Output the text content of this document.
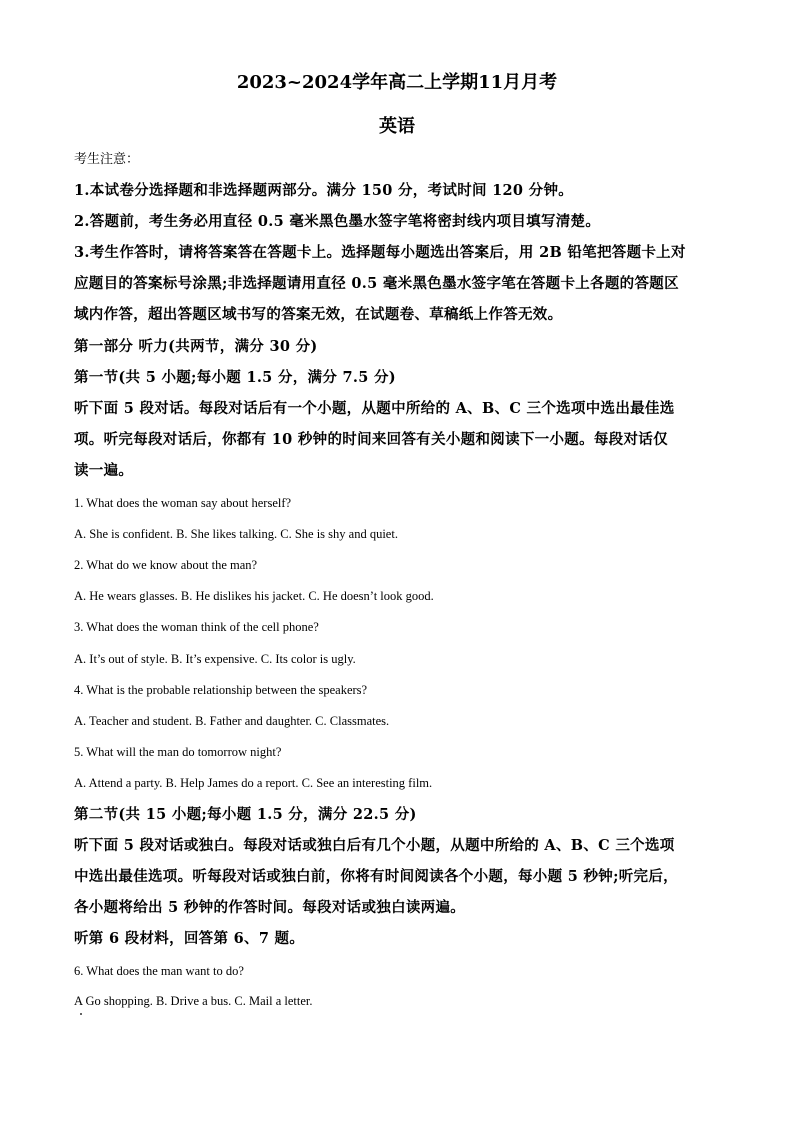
2023~2024学年高二上学期11月月考
英语
考生注意：
1.本试卷分选择题和非选择题两部分。满分 150 分，考试时间 120 分钟。
2.答题前，考生务必用直径 0.5 毫米黑色墨水签字笔将密封线内项目填写清楚。
3.考生作答时，请将答案答在答题卡上。选择题每小题选出答案后，用 2B 铅笔把答题卡上对
应题目的答案标号涂黑;非选择题请用直径 0.5 毫米黑色墨水签字笔在答题卡上各题的答题区
域内作答，超出答题区域书写的答案无效，在试题卷、草稿纸上作答无效。
第一部分 听力(共两节，满分 30 分)
第一节(共 5 小题;每小题 1.5 分，满分 7.5 分)
听下面 5 段对话。每段对话后有一个小题，从题中所给的 A、B、C 三个选项中选出最佳选
项。听完每段对话后，你都有 10 秒钟的时间来回答有关小题和阅读下一小题。每段对话仅
读一遍。
1. What does the woman say about herself?
A. She is confident. B. She likes talking. C. She is shy and quiet.
2. What do we know about the man?
A. He wears glasses. B. He dislikes his jacket. C. He doesn’t look good.
3. What does the woman think of the cell phone?
A. It’s out of style. B. It’s expensive. C. Its color is ugly.
4. What is the probable relationship between the speakers?
A. Teacher and student. B. Father and daughter. C. Classmates.
5. What will the man do tomorrow night?
A. Attend a party. B. Help James do a report. C. See an interesting film.
第二节(共 15 小题;每小题 1.5 分，满分 22.5 分)
听下面 5 段对话或独白。每段对话或独白后有几个小题，从题中所给的 A、B、C 三个选项
中选出最佳选项。听每段对话或独白前，你将有时间阅读各个小题，每小题 5 秒钟;听完后，
各小题将给出 5 秒钟的作答时间。每段对话或独白读两遍。
听第 6 段材料，回答第 6、7 题。
6. What does the man want to do?
A Go shopping. B. Drive a bus. C. Mail a letter.
